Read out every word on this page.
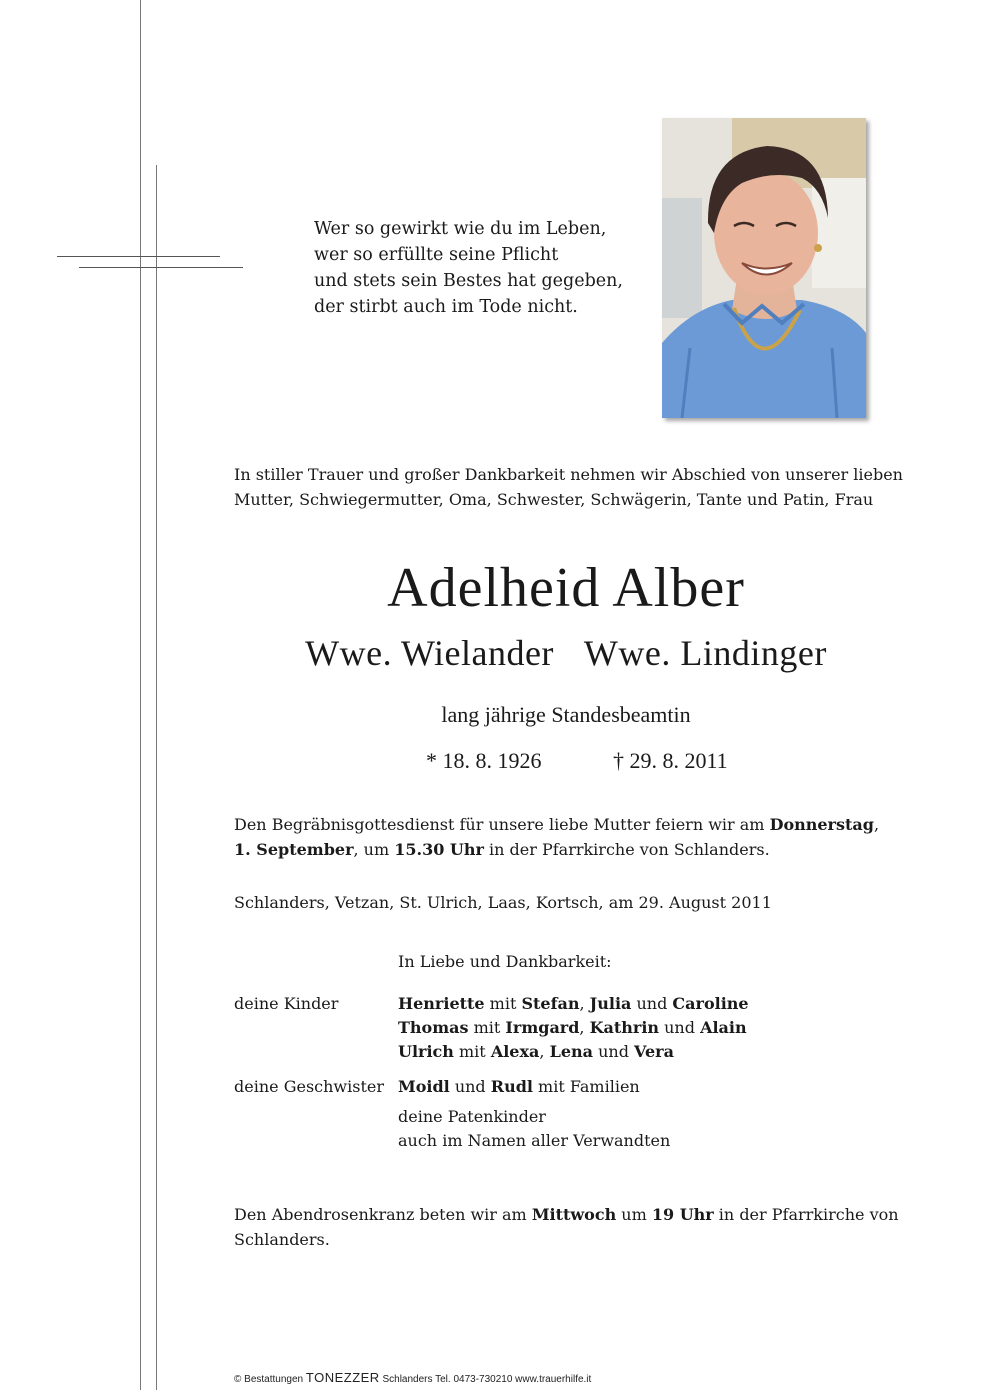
Wer so gewirkt wie du im Leben,
wer so erfüllte seine Pflicht
und stets sein Bestes hat gegeben,
der stirbt auch im Tode nicht.
In stiller Trauer und großer Dankbarkeit nehmen wir Abschied von unserer lieben
Mutter, Schwiegermutter, Oma, Schwester, Schwägerin, Tante und Patin, Frau
Adelheid Alber
Wwe. Wielander Wwe. Lindinger
lang jährige Standesbeamtin
* 18. 8. 1926	† 29. 8. 2011
Den Begräbnisgottesdienst für unsere liebe Mutter feiern wir am Donnerstag,
1. September, um 15.30 Uhr in der Pfarrkirche von Schlanders.
Schlanders, Vetzan, St. Ulrich, Laas, Kortsch, am 29. August 2011
In Liebe und Dankbarkeit:
deine Kinder	Henriette mit Stefan, Julia und Caroline
Thomas mit Irmgard, Kathrin und Alain
Ulrich mit Alexa, Lena und Vera
deine Geschwister Moidl und Rudl mit Familien
deine Patenkinder
auch im Namen aller Verwandten
Den Abendrosenkranz beten wir am Mittwoch um 19 Uhr in der Pfarrkirche von
Schlanders.
© Bestattungen TONEZZER Schlanders Tel. 0473-730210 www.trauerhilfe.it
